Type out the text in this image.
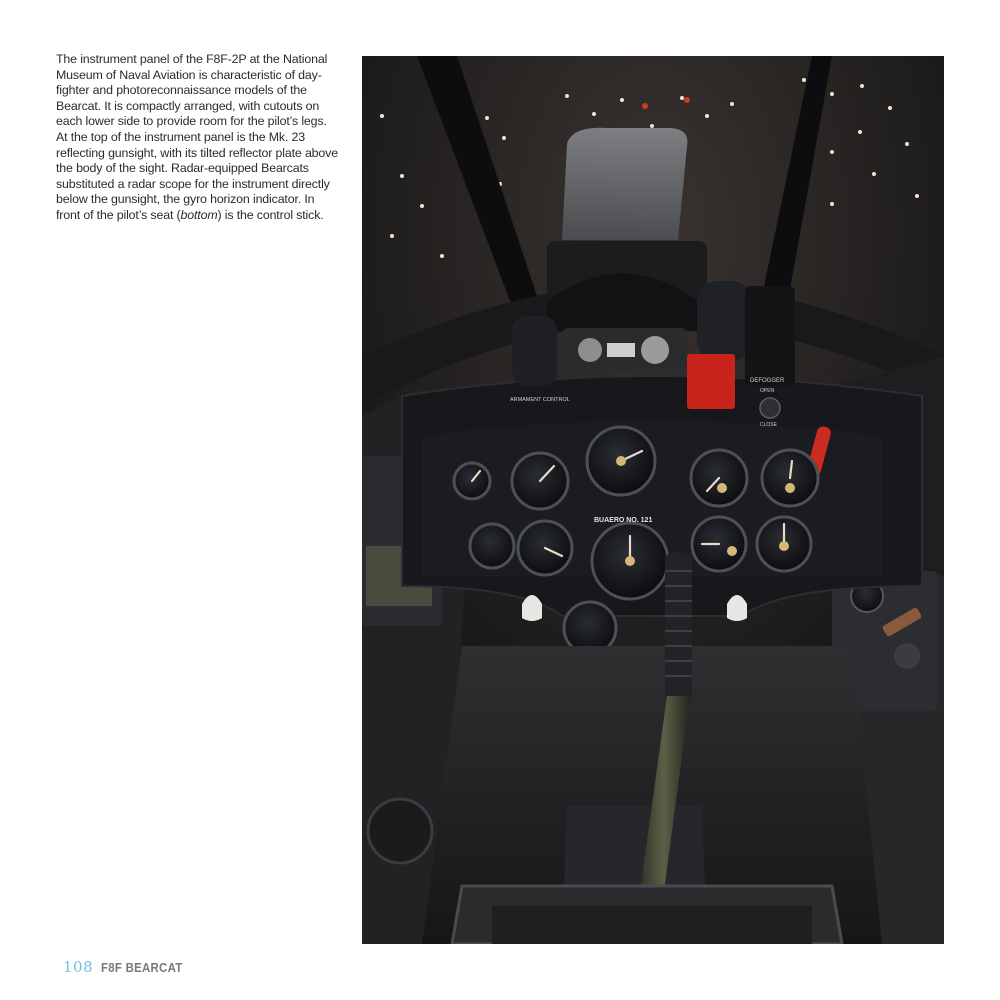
The instrument panel of the F8F-2P at the National Museum of Naval Aviation is characteristic of day-fighter and photoreconnaissance models of the Bearcat. It is compactly arranged, with cutouts on each lower side to provide room for the pilot’s legs. At the top of the instrument panel is the Mk. 23 reflecting gunsight, with its tilted reflector plate above the body of the sight. Radar-equipped Bearcats substituted a radar scope for the instrument directly below the gunsight, the gyro horizon indicator. In front of the pilot’s seat (bottom) is the control stick.
ARMAMENT CONTROL
DEFOGGER
OPEN
CLOSE
BUAERO NO. 121
108 F8F BEARCAT
